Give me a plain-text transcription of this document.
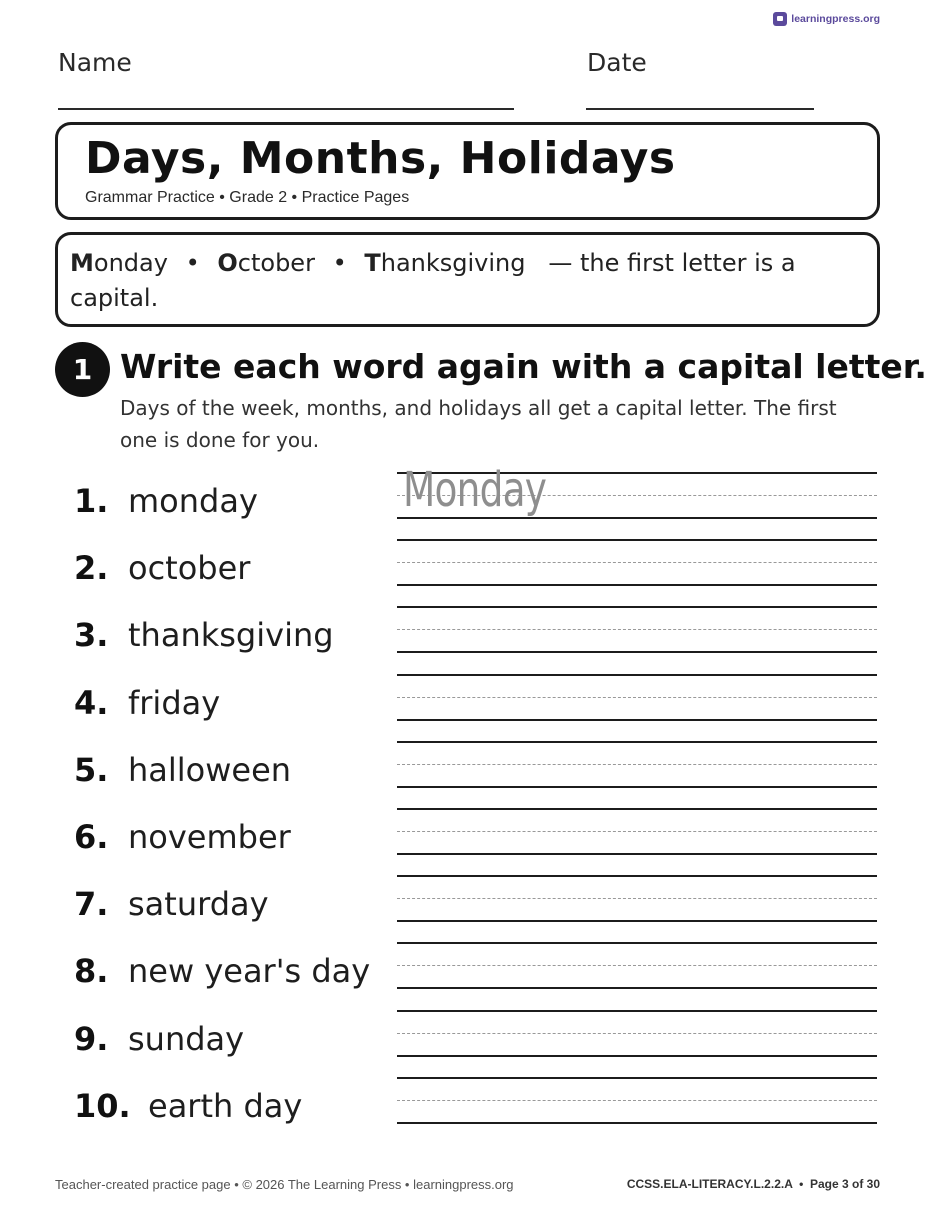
learningpress.org
Name	Date
Days, Months, Holidays
Grammar Practice • Grade 2 • Practice Pages
Monday • October • Thanksgiving — the first letter is a capital.
1 Write each word again with a capital letter.
Days of the week, months, and holidays all get a capital letter. The first one is done for you.
1. monday	Monday
2. october
3. thanksgiving
4. friday
5. halloween
6. november
7. saturday
8. new year's day
9. sunday
10. earth day
Teacher-created practice page • © 2026 The Learning Press • learningpress.org	CCSS.ELA-LITERACY.L.2.2.A  •  Page 3 of 30
